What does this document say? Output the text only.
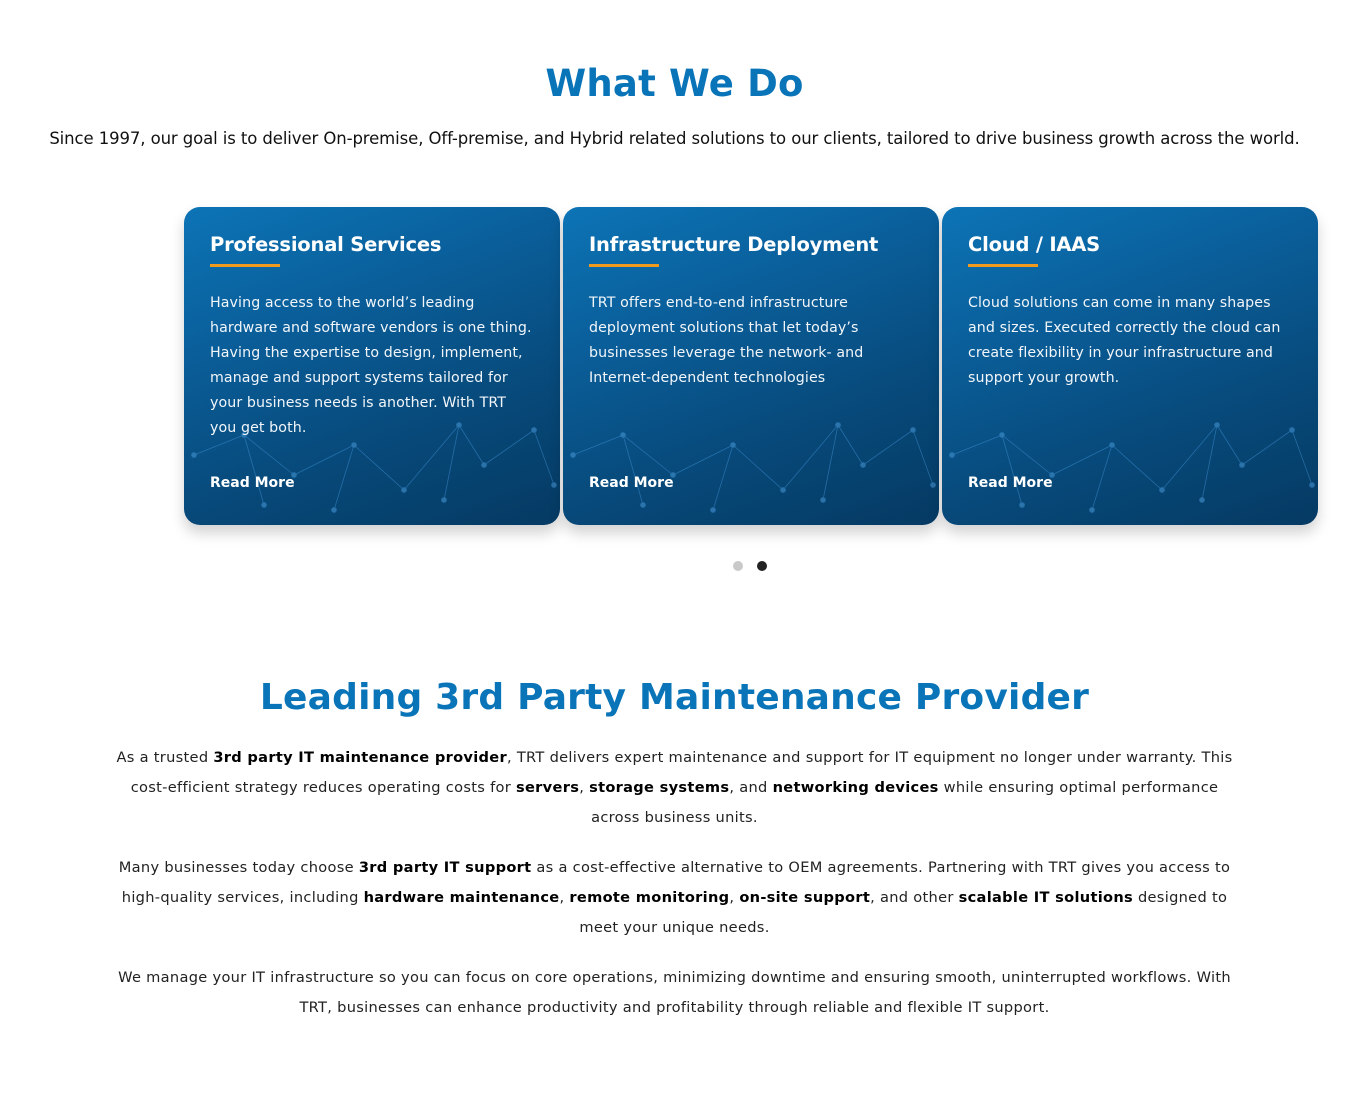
What We Do

Since 1997, our goal is to deliver On-premise, Off-premise, and Hybrid related solutions to our clients, tailored to drive business growth across the world.

Professional Services

Having access to the world’s leading hardware and software vendors is one thing. Having the expertise to design, implement, manage and support systems tailored for your business needs is another. With TRT you get both.

Read More
Infrastructure Deployment

TRT offers end-to-end infrastructure deployment solutions that let today’s businesses leverage the network- and Internet-dependent technologies

Read More
Cloud / IAAS

Cloud solutions can come in many shapes and sizes. Executed correctly the cloud can create flexibility in your infrastructure and support your growth.

Read More
Leading 3rd Party Maintenance Provider

As a trusted 3rd party IT maintenance provider, TRT delivers expert maintenance and support for IT equipment no longer under warranty. This cost-efficient strategy reduces operating costs for servers, storage systems, and networking devices while ensuring optimal performance across business units.

Many businesses today choose 3rd party IT support as a cost-effective alternative to OEM agreements. Partnering with TRT gives you access to high-quality services, including hardware maintenance, remote monitoring, on-site support, and other scalable IT solutions designed to meet your unique needs.

We manage your IT infrastructure so you can focus on core operations, minimizing downtime and ensuring smooth, uninterrupted workflows. With TRT, businesses can enhance productivity and profitability through reliable and flexible IT support.
